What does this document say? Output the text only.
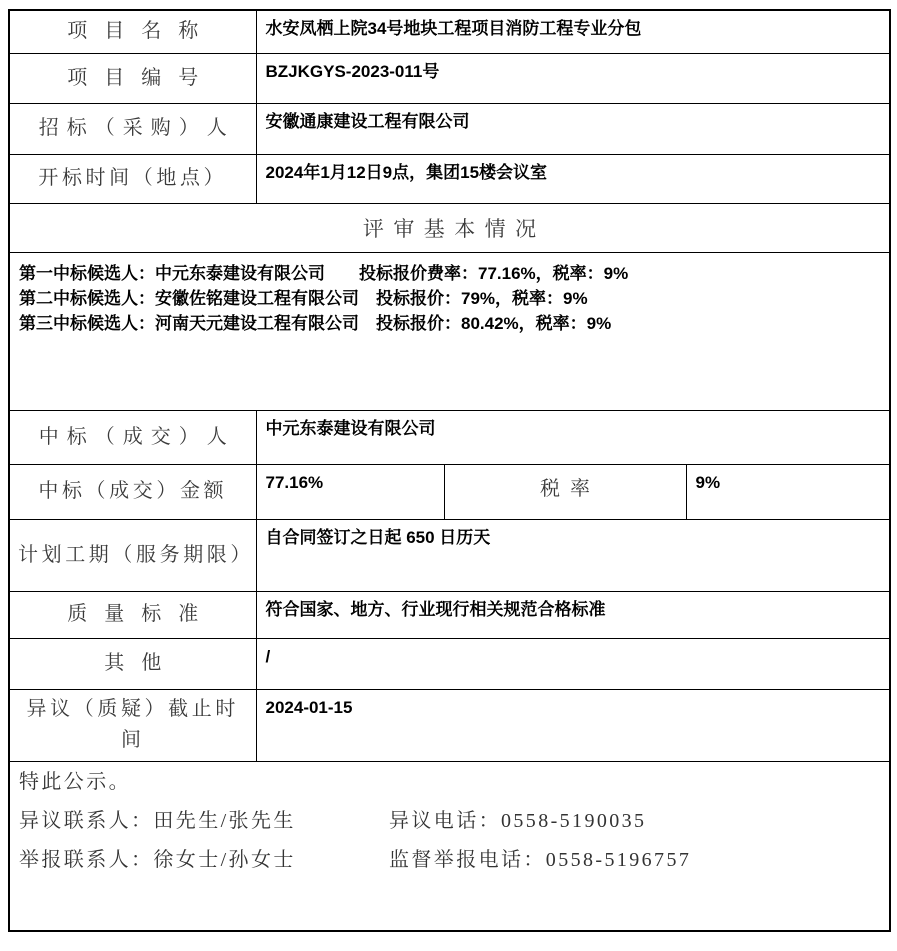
项目名称	水安凤栖上院34号地块工程项目消防工程专业分包		
项目编号	BZJKGYS-2023-011号		
招标（采购）人	安徽通康建设工程有限公司		
开标时间（地点）	2024年1月12日9点，集团15楼会议室		
评审基本情况			

第一中标候选人：中元东泰建设有限公司 投标报价费率：77.16%，税率：9%
第二中标候选人：安徽佐铭建设工程有限公司 投标报价：79%，税率：9%
第三中标候选人：河南天元建设工程有限公司 投标报价：80.42%，税率：9%			

中标（成交）人	中元东泰建设有限公司		
中标（成交）金额	77.16%	税率	9%
计划工期（服务期限）	自合同签订之日起 650 日历天		
质量标准	符合国家、地方、行业现行相关规范合格标准		
其他	/		
异议（质疑）截止时间	2024-01-15		

特此公示。
异议联系人：田先生/张先生 异议电话：0558-5190035
举报联系人：徐女士/孙女士 监督举报电话：0558-5196757			
